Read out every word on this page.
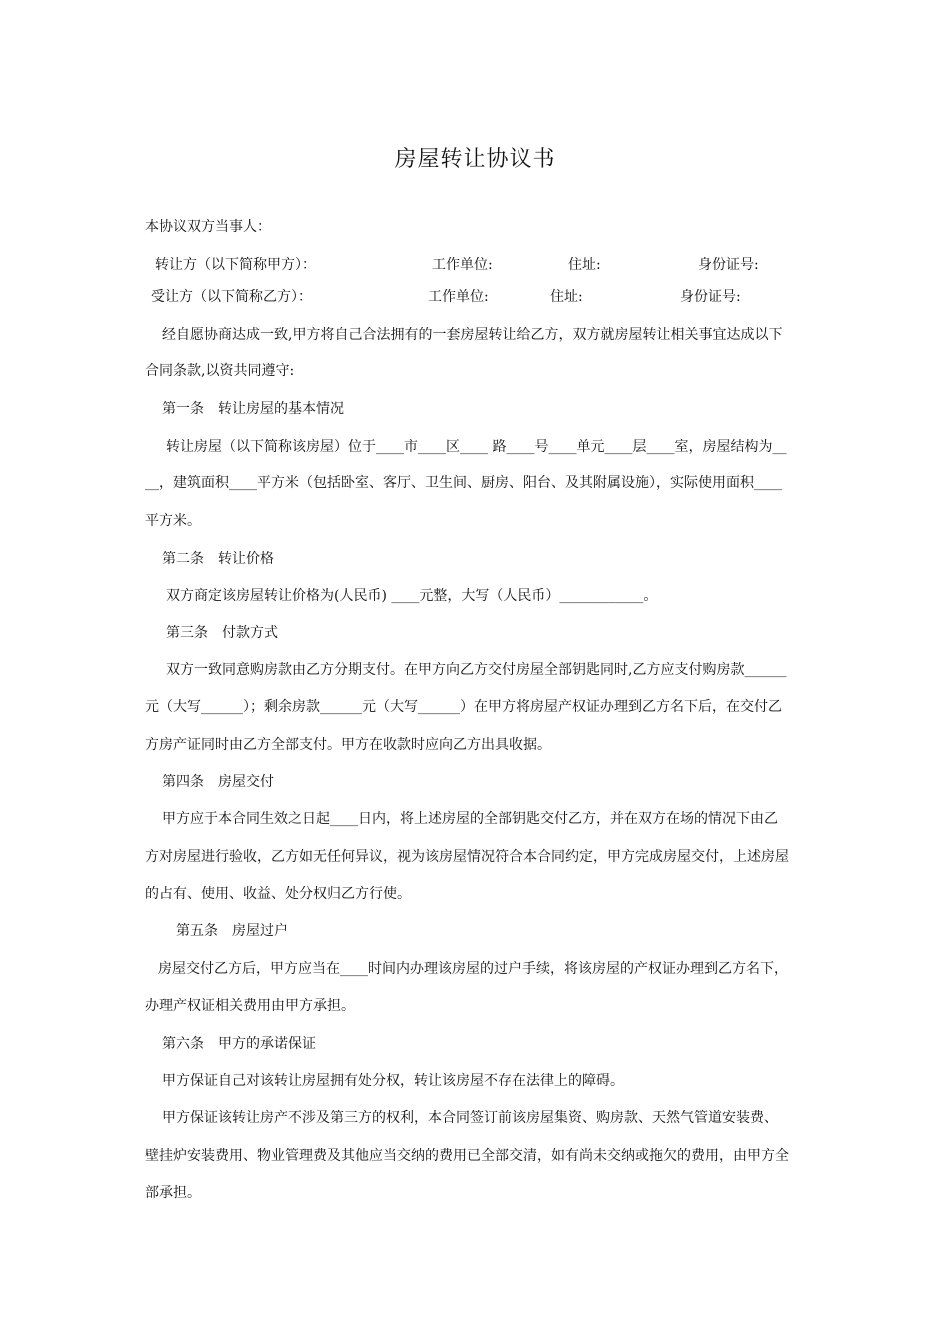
房屋转让协议书
本协议双方当事人：
转让方（以下简称甲方）：	工作单位:	住址:	身份证号:
受让方（以下简称乙方）：	工作单位:	住址:	身份证号:
经自愿协商达成一致,甲方将自己合法拥有的一套房屋转让给乙方，双方就房屋转让相关事宜达成以下
合同条款,以资共同遵守:
第一条　转让房屋的基本情况
转让房屋（以下简称该房屋）位于____市____区____ 路____号____单元____层____室，房屋结构为__
__，建筑面积____平方米（包括卧室、客厅、卫生间、厨房、阳台、及其附属设施），实际使用面积____
平方米。
第二条　转让价格
双方商定该房屋转让价格为(人民币) ____元整，大写（人民币）____________。
第三条　付款方式
双方一致同意购房款由乙方分期支付。在甲方向乙方交付房屋全部钥匙同时,乙方应支付购房款______
元（大写______）；剩余房款______元（大写______）在甲方将房屋产权证办理到乙方名下后，在交付乙
方房产证同时由乙方全部支付。甲方在收款时应向乙方出具收据。
第四条　房屋交付
甲方应于本合同生效之日起____日内，将上述房屋的全部钥匙交付乙方，并在双方在场的情况下由乙
方对房屋进行验收，乙方如无任何异议，视为该房屋情况符合本合同约定，甲方完成房屋交付，上述房屋
的占有、使用、收益、处分权归乙方行使。
第五条　房屋过户
房屋交付乙方后，甲方应当在____时间内办理该房屋的过户手续，将该房屋的产权证办理到乙方名下，
办理产权证相关费用由甲方承担。
第六条　甲方的承诺保证
甲方保证自己对该转让房屋拥有处分权，转让该房屋不存在法律上的障碍。
甲方保证该转让房产不涉及第三方的权利，本合同签订前该房屋集资、购房款、天然气管道安装费、
壁挂炉安装费用、物业管理费及其他应当交纳的费用已全部交清，如有尚未交纳或拖欠的费用，由甲方全
部承担。
